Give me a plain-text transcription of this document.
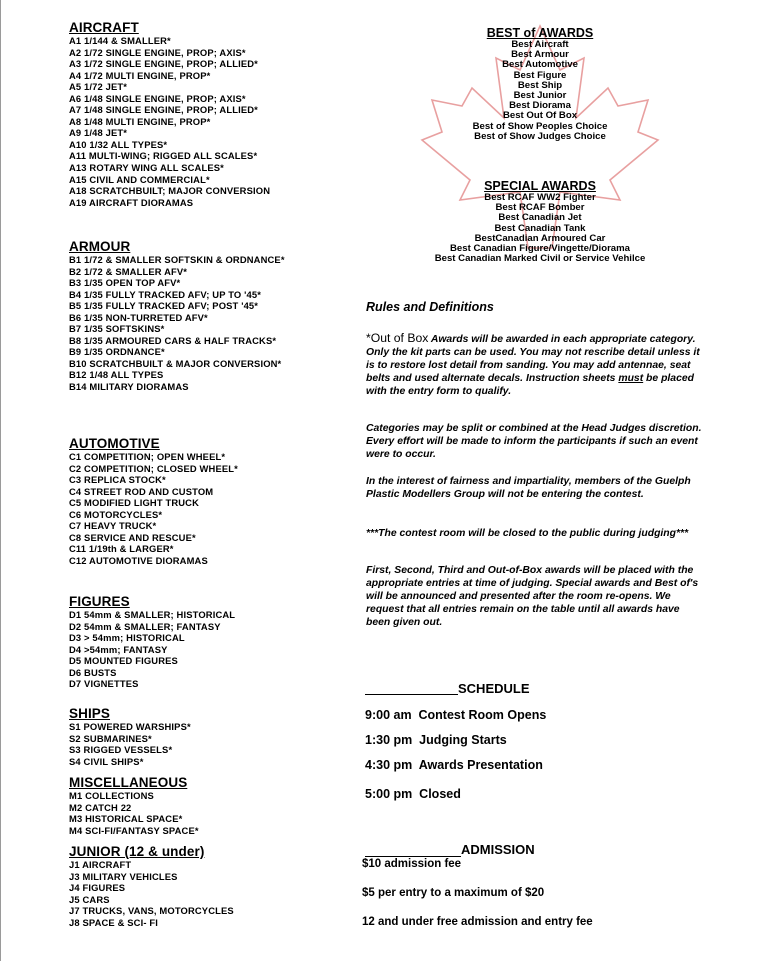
AIRCRAFT
A1 1/144 & SMALLER*
A2 1/72 SINGLE ENGINE, PROP; AXIS*
A3 1/72 SINGLE ENGINE, PROP; ALLIED*
A4 1/72 MULTI ENGINE, PROP*
A5 1/72 JET*
A6 1/48 SINGLE ENGINE, PROP; AXIS*
A7 1/48 SINGLE ENGINE, PROP; ALLIED*
A8 1/48 MULTI ENGINE, PROP*
A9 1/48 JET*
A10 1/32 ALL TYPES*
A11 MULTI-WING; RIGGED ALL SCALES*
A13 ROTARY WING ALL SCALES*
A15 CIVIL AND COMMERCIAL*
A18 SCRATCHBUILT; MAJOR CONVERSION
A19 AIRCRAFT DIORAMAS
ARMOUR
B1 1/72 & SMALLER SOFTSKIN & ORDNANCE*
B2 1/72 & SMALLER AFV*
B3 1/35 OPEN TOP AFV*
B4 1/35 FULLY TRACKED AFV; UP TO '45*
B5 1/35 FULLY TRACKED AFV; POST '45*
B6 1/35 NON-TURRETED AFV*
B7 1/35 SOFTSKINS*
B8 1/35 ARMOURED CARS & HALF TRACKS*
B9 1/35 ORDNANCE*
B10 SCRATCHBUILT & MAJOR CONVERSION*
B12 1/48 ALL TYPES
B14 MILITARY DIORAMAS
AUTOMOTIVE
C1 COMPETITION; OPEN WHEEL*
C2 COMPETITION; CLOSED WHEEL*
C3 REPLICA STOCK*
C4 STREET ROD AND CUSTOM
C5 MODIFIED LIGHT TRUCK
C6 MOTORCYCLES*
C7 HEAVY TRUCK*
C8 SERVICE AND RESCUE*
C11 1/19th & LARGER*
C12 AUTOMOTIVE DIORAMAS
FIGURES
D1 54mm & SMALLER; HISTORICAL
D2 54mm & SMALLER; FANTASY
D3 > 54mm; HISTORICAL
D4 >54mm; FANTASY
D5 MOUNTED FIGURES
D6 BUSTS
D7 VIGNETTES
SHIPS
S1 POWERED WARSHIPS*
S2 SUBMARINES*
S3 RIGGED VESSELS*
S4 CIVIL SHIPS*
MISCELLANEOUS
M1 COLLECTIONS
M2 CATCH 22
M3 HISTORICAL SPACE*
M4 SCI-FI/FANTASY SPACE*
JUNIOR (12 & under)
J1 AIRCRAFT
J3 MILITARY VEHICLES
J4 FIGURES
J5 CARS
J7 TRUCKS, VANS, MOTORCYCLES
J8 SPACE & SCI- FI
BEST of AWARDS
Best Aircraft
Best Armour
Best Automotive
Best Figure
Best Ship
Best Junior
Best Diorama
Best Out Of Box
Best of Show Peoples Choice
Best of Show Judges Choice
SPECIAL AWARDS
Best RCAF WW2 Fighter
Best RCAF Bomber
Best Canadian Jet
Best Canadian Tank
BestCanadian Armoured Car
Best Canadian Figure/Vingette/Diorama
Best Canadian Marked Civil or Service Vehilce
Rules and Definitions

*Out of Box Awards will be awarded in each appropriate category. Only the kit parts can be used. You may not rescribe detail unless it is to restore lost detail from sanding. You may add antennae, seat belts and used alternate decals. Instruction sheets must be placed with the entry form to qualify.

Categories may be split or combined at the Head Judges discretion. Every effort will be made to inform the participants if such an event were to occur.

In the interest of fairness and impartiality, members of the Guelph Plastic Modellers Group will not be entering the contest.

***The contest room will be closed to the public during judging***

First, Second, Third and Out-of-Box awards will be placed with the appropriate entries at time of judging. Special awards and Best of's will be announced and presented after the room re-opens. We request that all entries remain on the table until all awards have been given out.

SCHEDULE
9:00 am  Contest Room Opens
1:30 pm  Judging Starts
4:30 pm  Awards Presentation
5:00 pm  Closed
ADMISSION
$10 admission fee
$5 per entry to a maximum of $20
12 and under free admission and entry fee
